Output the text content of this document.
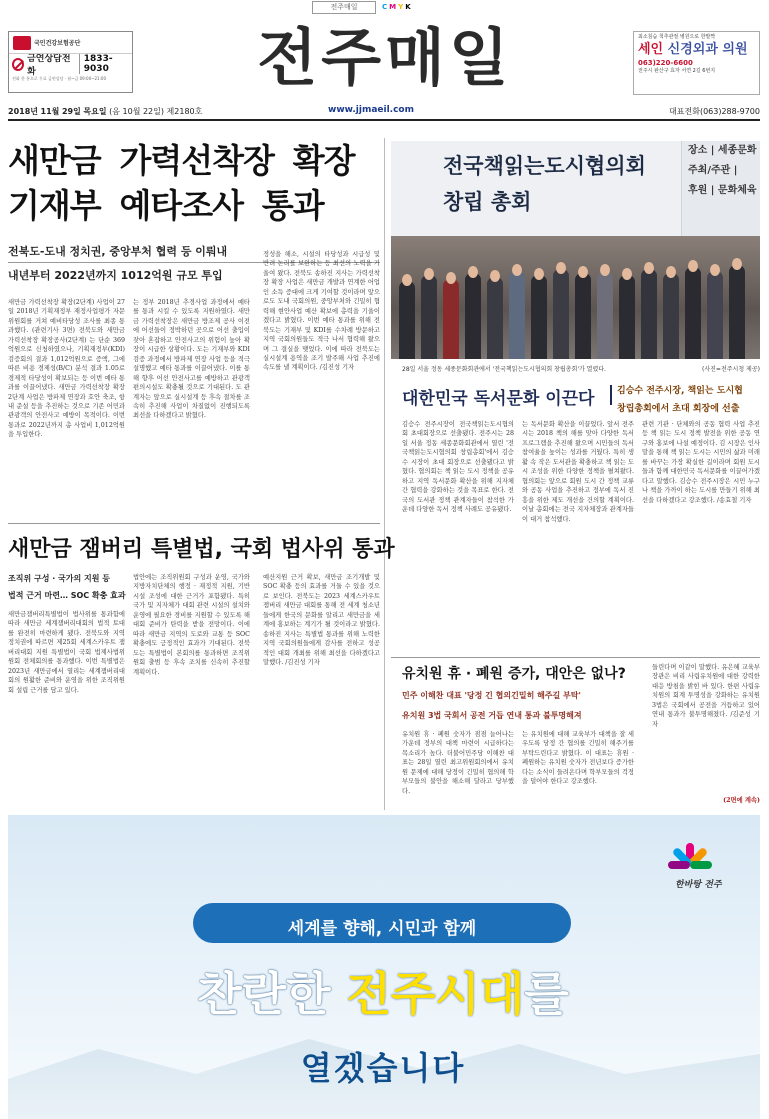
전주매일	C M Y K
국민건강보험공단
금연상담전화
1833-9030
전화 한 통으로 무료 금연상담 · 월~금 09:00~21:00	전주매일	최소침습 척추관절 병원으로 한발짝
세인 신경외과 의원
063)220-6600
전주시 완산구 효자 서연 2길 6번지
2018년 11월 29일 목요일 (음 10월 22일) 제2180호	www.jjmaeil.com	대표전화(063)288-9700
새만금 가력선착장 확장
기재부 예타조사 통과
전북도-도내 정치권, 중앙부처 협력 등 이뤄내
내년부터 2022년까지 1012억원 규모 투입
새만금 가력선착장 확장(2단계) 사업이 27일 2018년 기획재정부 재정사업평가 자문위원회를 거쳐 예비타당성 조사를 최종 통과했다. (관련기사 3면) 전북도와 새만금 가력선착장 확장공사(2단계) 는 단순 369억원으로 신청하였으나, 기획재정부(KDI) 검증회의 결과 1,012억원으로 증액, 그에 따른 비용 경제성(B/C) 분석 결과 1.05로 경제적 타당성이 확보되는 등 이번 예타 통과를 이끌어냈다. 새만금 가력선착장 확장 2단계 사업은 방파제 연장과 호안 축조, 항내 준설 등을 추진하는 것으로 기존 어민과 관광객의 안전사고 예방이 목적이다. 이번 통과로 2022년까지 총 사업비 1,012억원을 투입한다.
는 정부 2018년 추경사업 과정에서 예타를 통과 시킬 수 있도록 지원하였다. 새만금 가력선착장은 새만금 방조제 공사 이전에 어선들이 정박하던 곳으로 어선 출입이 잦아 혼잡하고 안전사고의 위험이 높아 확장이 시급한 상황이다. 도는 기재부와 KDI 검증 과정에서 방파제 연장 사업 등을 적극 설명했고 예타 통과를 이끌어냈다. 이를 통해 향후 어선 안전사고를 예방하고 관광객 편의시설도 확충될 것으로 기대된다. 도 관계자는 앞으로 실시설계 등 후속 절차를 조속히 추진해 사업이 차질없이 진행되도록 최선을 다하겠다고 밝혔다.
정성을 해소, 시설의 타당성과 시급성 및 반려 논리를 보완하는 등 최선의 노력을 기울여 왔다. 전북도 송하진 지사는 가력선착장 확장 사업은 새만금 개발과 연계한 어업인 소득 증대에 크게 기여할 것이라며 앞으로도 도내 국회의원, 중앙부처와 긴밀히 협력해 현안사업 예산 확보에 총력을 기울이겠다고 밝혔다. 이번 예타 통과를 위해 전북도는 기재부 및 KDI를 수차례 방문하고 지역 국회의원들도 적극 나서 협력해 왔으며 그 결실을 맺었다. 이에 따라 전북도는 실시설계 용역을 조기 발주해 사업 추진에 속도를 낼 계획이다. /김진성 기자
전국책읽는도시협의회
창립 총회
장소 | 세종문화
주최/주관 |
후원 | 문화체육
28일 서울 정동 세종문화회관에서 '전국책읽는도시협의회 창립총회'가 열렸다.	(사진=전주시청 제공)
대한민국 독서문화 이끈다	김승수 전주시장, 책읽는 도시협
창립총회에서 초대 회장에 선출
김승수 전주시장이 전국책읽는도시협의회 초대회장으로 선출됐다. 전주시는 28일 서울 정동 세종문화회관에서 열린 '전국책읽는도시협의회 창립총회'에서 김승수 시장이 초대 회장으로 선출됐다고 밝혔다. 협의회는 책 읽는 도시 정책을 공유하고 지역 독서문화 확산을 위해 지자체 간 협력을 강화하는 것을 목표로 한다. 전국의 도서관 정책 관계자들이 참석한 가운데 다양한 독서 정책 사례도 공유됐다.
는 독서문화 확산을 이끌었다. 앞서 전주시는 2018 책의 해를 맞아 다양한 독서 프로그램을 추진해 왔으며 시민들의 독서 참여율을 높이는 성과를 거뒀다. 특히 생활 속 작은 도서관을 확충하고 책 읽는 도시 조성을 위한 다양한 정책을 펼쳐왔다. 협의회는 앞으로 회원 도시 간 정책 교류와 공동 사업을 추진하고 정부에 독서 진흥을 위한 제도 개선을 건의할 계획이다. 이날 총회에는 전국 지자체장과 관계자들이 대거 참석했다.
관련 기관 · 단체와의 공동 협력 사업 추진 등 책 읽는 도시 정책 발전을 위한 공동 연구와 홍보에 나설 예정이다. 김 시장은 인사말을 통해 책 읽는 도시는 시민의 삶과 미래를 바꾸는 가장 확실한 길이라며 회원 도시들과 함께 대한민국 독서문화를 이끌어가겠다고 말했다. 김승수 전주시장은 시민 누구나 책을 가까이 하는 도시를 만들기 위해 최선을 다하겠다고 강조했다. /송효철 기자
새만금 잼버리 특별법, 국회 법사위 통과
조직위 구성 · 국가의 지원 등
법적 근거 마련… SOC 확충 효과
새만금잼버리특별법이 법사위를 통과함에 따라 새만금 세계잼버리대회의 법적 토대를 완전히 마련하게 됐다. 전북도와 지역 정치권에 따르면 제25회 세계스카우트 잼버리대회 지원 특별법이 국회 법제사법위원회 전체회의를 통과했다. 이번 특별법은 2023년 새만금에서 열리는 세계잼버리대회의 원활한 준비와 운영을 위한 조직위원회 설립 근거를 담고 있다.
법안에는 조직위원회 구성과 운영, 국가와 지방자치단체의 행정 · 재정적 지원, 기반시설 조성에 대한 근거가 포함됐다. 특히 국가 및 지자체가 대회 관련 시설의 설치와 운영에 필요한 경비를 지원할 수 있도록 해 대회 준비가 탄력을 받을 전망이다. 이에 따라 새만금 지역의 도로와 교통 등 SOC 확충에도 긍정적인 효과가 기대된다. 전북도는 특별법이 본회의를 통과하면 조직위원회 출범 등 후속 조치를 신속히 추진할 계획이다.
예산지원 근거 확보, 새만금 조기개발 및 SOC 확충 등의 효과를 거둘 수 있을 것으로 보인다. 전북도는 2023 세계스카우트잼버리 새만금 대회를 통해 전 세계 청소년들에게 한국의 문화를 알리고 새만금을 세계에 홍보하는 계기가 될 것이라고 밝혔다. 송하진 지사는 특별법 통과를 위해 노력한 지역 국회의원들에게 감사를 전하고 성공적인 대회 개최를 위해 최선을 다하겠다고 말했다. /김진성 기자
유치원 휴 · 폐원 증가, 대안은 없나?
민주 이해찬 대표 '당정 긴 협의긴밀히 해주길 부탁'
유치원 3법 국회서 공전 거듭 연내 통과 불투명해져
유치원 휴 · 폐원 숫자가 점점 늘어나는 가운데 정부의 대책 마련이 시급하다는 목소리가 높다. 더불어민주당 이해찬 대표는 28일 열린 최고위원회의에서 유치원 문제에 대해 당정이 긴밀히 협의해 학부모들의 불안을 해소해 달라고 당부했다.
는 유치원에 대해 교육부가 대책을 잘 세우도록 당정 간 협의를 긴밀히 해주기를 부탁드린다고 밝혔다. 이 대표는 휴원 · 폐원하는 유치원 숫자가 전년보다 증가한다는 소식이 들려온다며 학부모들의 걱정을 덜어야 한다고 강조했다.
들린다며 이같이 말했다. 유은혜 교육부장관은 비리 사립유치원에 대한 강력한 대응 방침을 밝힌 바 있다. 한편 사립유치원의 회계 투명성을 강화하는 유치원 3법은 국회에서 공전을 거듭하고 있어 연내 통과가 불투명해졌다. /김준성 기자
(2면에 계속)
한바탕 전주
세계를 향해, 시민과 함께
찬란한 전주시대를
열겠습니다
